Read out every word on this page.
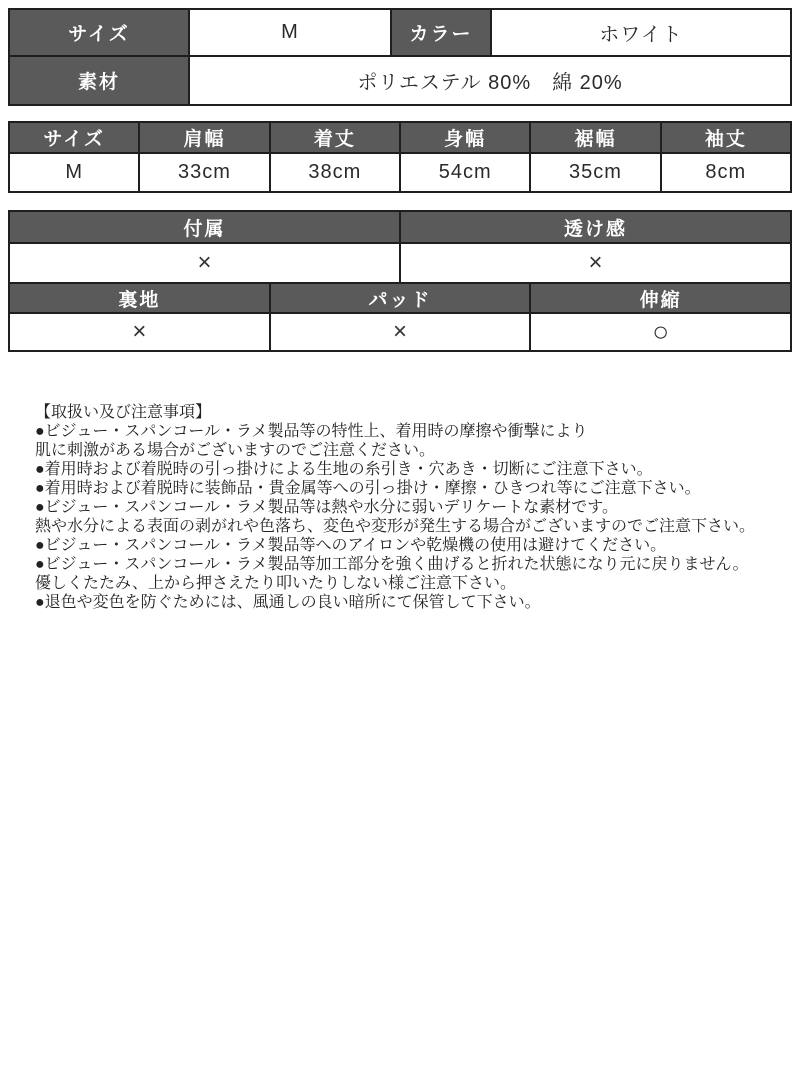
サイズ	M	カラー	ホワイト
素材	ポリエステル 80%　綿 20%
サイズ	肩幅	着丈	身幅	裾幅	袖丈
M	33cm	38cm	54cm	35cm	8cm
付属	透け感
×	×
裏地	パッド	伸縮
×	×	○
【取扱い及び注意事項】
●ビジュー・スパンコール・ラメ製品等の特性上、着用時の摩擦や衝撃により
肌に刺激がある場合がございますのでご注意ください。
●着用時および着脱時の引っ掛けによる生地の糸引き・穴あき・切断にご注意下さい。
●着用時および着脱時に装飾品・貴金属等への引っ掛け・摩擦・ひきつれ等にご注意下さい。
●ビジュー・スパンコール・ラメ製品等は熱や水分に弱いデリケートな素材です。
熱や水分による表面の剥がれや色落ち、変色や変形が発生する場合がございますのでご注意下さい。
●ビジュー・スパンコール・ラメ製品等へのアイロンや乾燥機の使用は避けてください。
●ビジュー・スパンコール・ラメ製品等加工部分を強く曲げると折れた状態になり元に戻りません。
優しくたたみ、上から押さえたり叩いたりしない様ご注意下さい。
●退色や変色を防ぐためには、風通しの良い暗所にて保管して下さい。
